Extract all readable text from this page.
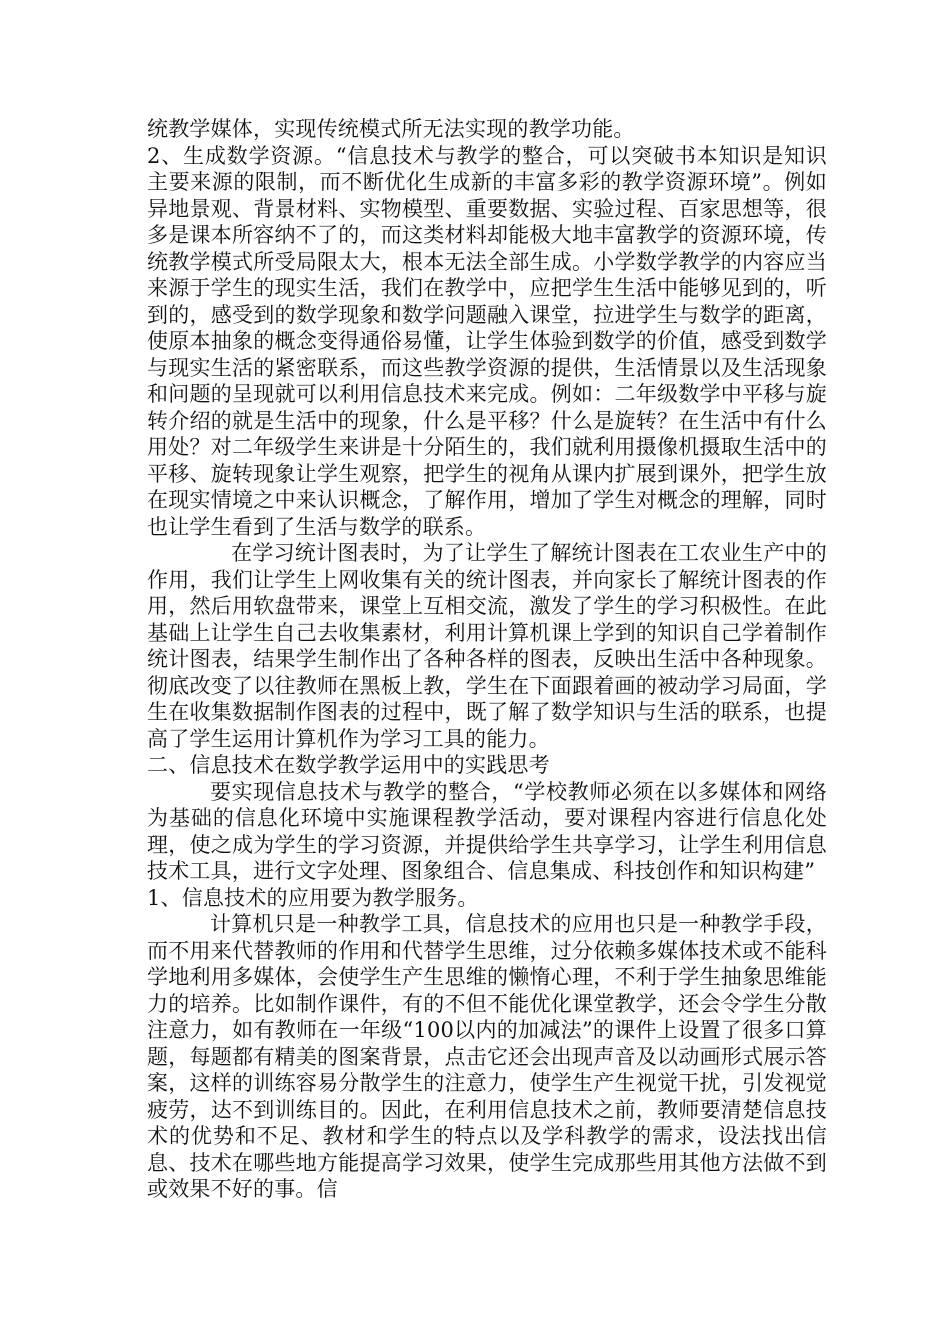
统教学媒体，实现传统模式所无法实现的教学功能。

2、生成数学资源。“信息技术与教学的整合，可以突破书本知识是知识主要来源的限制，而不断优化生成新的丰富多彩的教学资源环境”。例如异地景观、背景材料、实物模型、重要数据、实验过程、百家思想等，很多是课本所容纳不了的，而这类材料却能极大地丰富教学的资源环境，传统教学模式所受局限太大，根本无法全部生成。小学数学教学的内容应当来源于学生的现实生活，我们在教学中，应把学生生活中能够见到的，听到的，感受到的数学现象和数学问题融入课堂，拉进学生与数学的距离，使原本抽象的概念变得通俗易懂，让学生体验到数学的价值，感受到数学与现实生活的紧密联系，而这些教学资源的提供，生活情景以及生活现象和问题的呈现就可以利用信息技术来完成。例如：二年级数学中平移与旋转介绍的就是生活中的现象，什么是平移？什么是旋转？在生活中有什么用处？对二年级学生来讲是十分陌生的，我们就利用摄像机摄取生活中的平移、旋转现象让学生观察，把学生的视角从课内扩展到课外，把学生放在现实情境之中来认识概念，了解作用，增加了学生对概念的理解，同时也让学生看到了生活与数学的联系。

在学习统计图表时，为了让学生了解统计图表在工农业生产中的作用，我们让学生上网收集有关的统计图表，并向家长了解统计图表的作用，然后用软盘带来，课堂上互相交流，激发了学生的学习积极性。在此基础上让学生自己去收集素材，利用计算机课上学到的知识自己学着制作统计图表，结果学生制作出了各种各样的图表，反映出生活中各种现象。彻底改变了以往教师在黑板上教，学生在下面跟着画的被动学习局面，学生在收集数据制作图表的过程中，既了解了数学知识与生活的联系，也提高了学生运用计算机作为学习工具的能力。

二、信息技术在数学教学运用中的实践思考

要实现信息技术与教学的整合，“学校教师必须在以多媒体和网络为基础的信息化环境中实施课程教学活动，要对课程内容进行信息化处理，使之成为学生的学习资源，并提供给学生共享学习，让学生利用信息技术工具，进行文字处理、图象组合、信息集成、科技创作和知识构建”

1、信息技术的应用要为教学服务。

计算机只是一种教学工具，信息技术的应用也只是一种教学手段，而不用来代替教师的作用和代替学生思维，过分依赖多媒体技术或不能科学地利用多媒体，会使学生产生思维的懒惰心理，不利于学生抽象思维能力的培养。比如制作课件，有的不但不能优化课堂教学，还会令学生分散注意力，如有教师在一年级“100以内的加减法”的课件上设置了很多口算题，每题都有精美的图案背景，点击它还会出现声音及以动画形式展示答案，这样的训练容易分散学生的注意力，使学生产生视觉干扰，引发视觉疲劳，达不到训练目的。因此，在利用信息技术之前，教师要清楚信息技术的优势和不足、教材和学生的特点以及学科教学的需求，设法找出信息、技术在哪些地方能提高学习效果，使学生完成那些用其他方法做不到或效果不好的事。信
